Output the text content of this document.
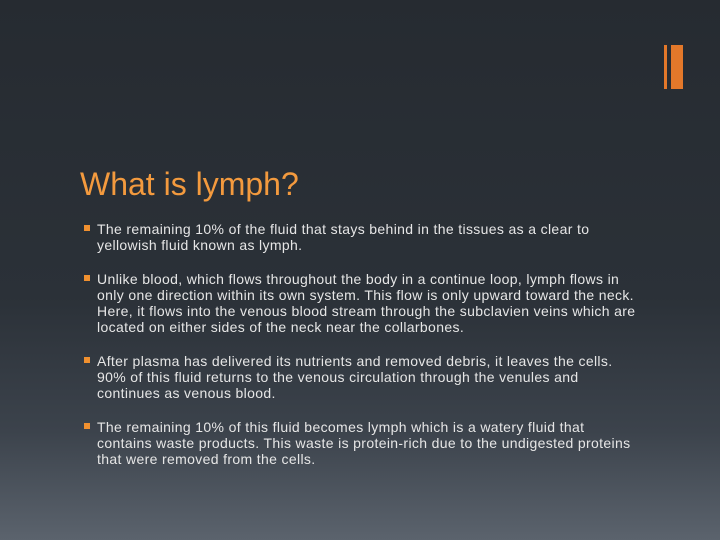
What is lymph?
The remaining 10% of the fluid that stays behind in the tissues as a clear to yellowish fluid known as lymph.
Unlike blood, which flows throughout the body in a continue loop, lymph flows in only one direction within its own system. This flow is only upward toward the neck. Here, it flows into the venous blood stream through the subclavien veins which are located on either sides of the neck near the collarbones.
After plasma has delivered its nutrients and removed debris, it leaves the cells. 90% of this fluid returns to the venous circulation through the venules and continues as venous blood.
The remaining 10% of this fluid becomes lymph which is a watery fluid that contains waste products. This waste is protein-rich due to the undigested proteins that were removed from the cells.
